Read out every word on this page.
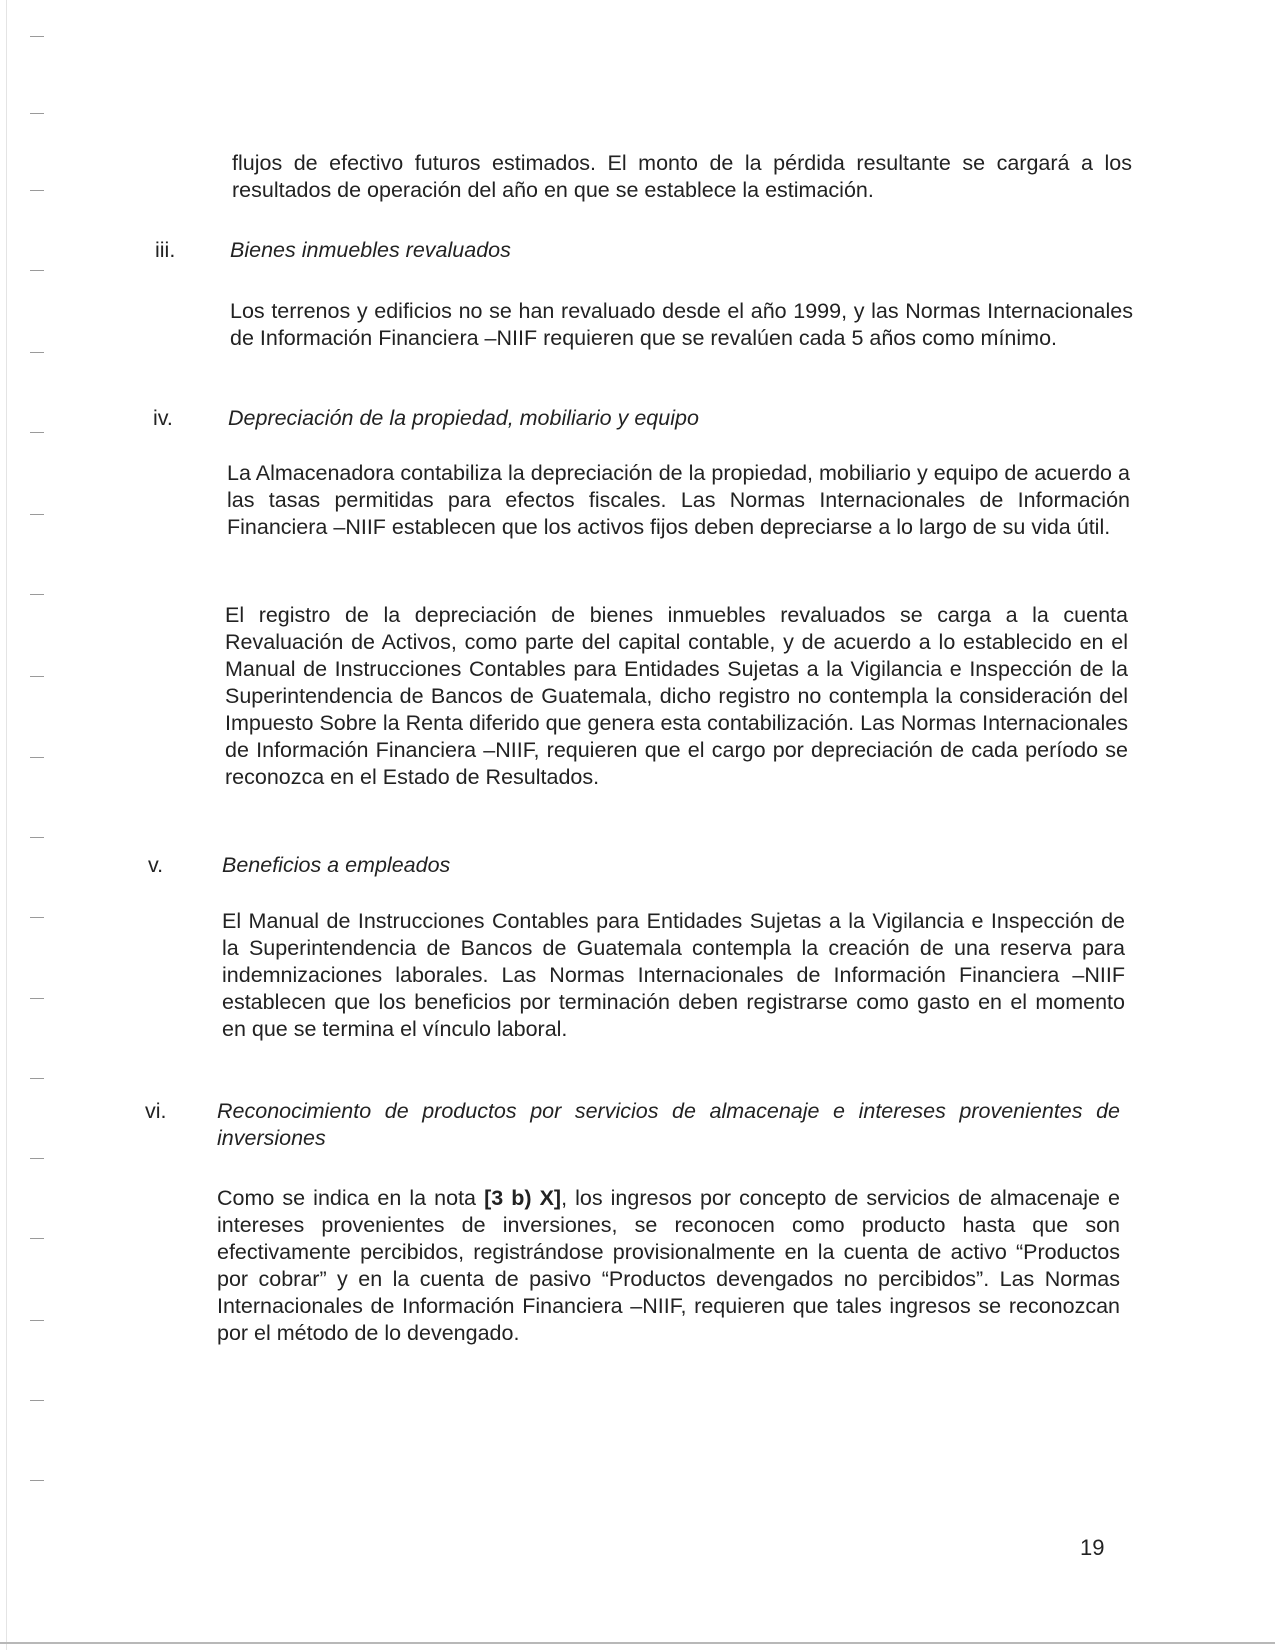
flujos de efectivo futuros estimados. El monto de la pérdida resultante se cargará a los resultados de operación del año en que se establece la estimación.

iii.	Bienes inmuebles revaluados

Los terrenos y edificios no se han revaluado desde el año 1999, y las Normas Internacionales de Información Financiera –NIIF requieren que se revalúen cada 5 años como mínimo.

iv.	Depreciación de la propiedad, mobiliario y equipo

La Almacenadora contabiliza la depreciación de la propiedad, mobiliario y equipo de acuerdo a las tasas permitidas para efectos fiscales. Las Normas Internacionales de Información Financiera –NIIF establecen que los activos fijos deben depreciarse a lo largo de su vida útil.

El registro de la depreciación de bienes inmuebles revaluados se carga a la cuenta Revaluación de Activos, como parte del capital contable, y de acuerdo a lo establecido en el Manual de Instrucciones Contables para Entidades Sujetas a la Vigilancia e Inspección de la Superintendencia de Bancos de Guatemala, dicho registro no contempla la consideración del Impuesto Sobre la Renta diferido que genera esta contabilización. Las Normas Internacionales de Información Financiera –NIIF, requieren que el cargo por depreciación de cada período se reconozca en el Estado de Resultados.

v.	Beneficios a empleados

El Manual de Instrucciones Contables para Entidades Sujetas a la Vigilancia e Inspección de la Superintendencia de Bancos de Guatemala contempla la creación de una reserva para indemnizaciones laborales. Las Normas Internacionales de Información Financiera –NIIF establecen que los beneficios por terminación deben registrarse como gasto en el momento en que se termina el vínculo laboral.

vi. Reconocimiento de productos por servicios de almacenaje e intereses provenientes de inversiones

Como se indica en la nota [3 b) X], los ingresos por concepto de servicios de almacenaje e intereses provenientes de inversiones, se reconocen como producto hasta que son efectivamente percibidos, registrándose provisionalmente en la cuenta de activo “Productos por cobrar” y en la cuenta de pasivo “Productos devengados no percibidos”. Las Normas Internacionales de Información Financiera –NIIF, requieren que tales ingresos se reconozcan por el método de lo devengado.

19
